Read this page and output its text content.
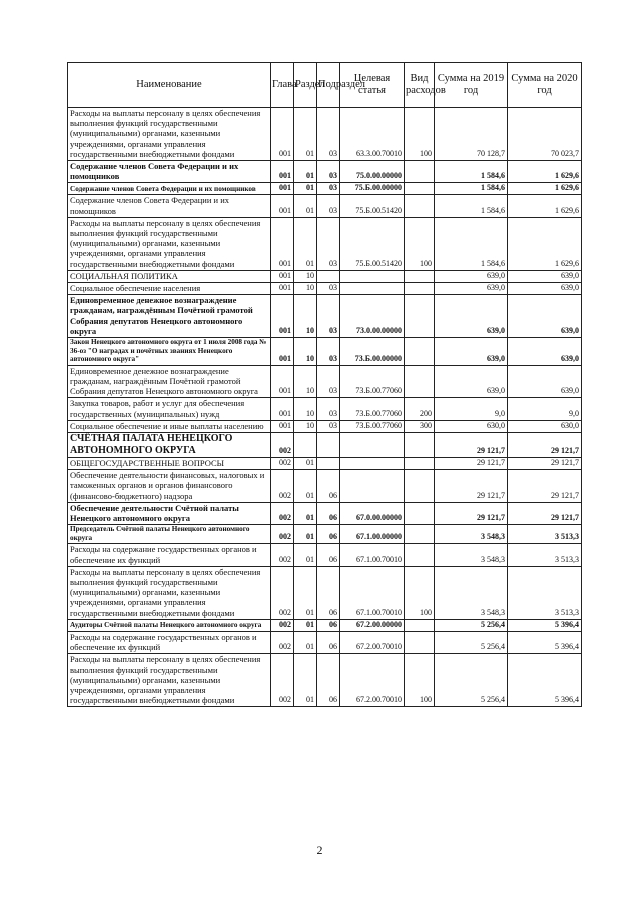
Наименование	Глава	Раздел	Подраздел	Целевая статья	Вид расходов	Сумма на 2019 год	Сумма на 2020 год
Расходы на выплаты персоналу в целях обеспечения выполнения функций государственными (муниципальными) органами, казенными учреждениями, органами управления государственными внебюджетными фондами	001	01	03	63.3.00.70010	100	70 128,7	70 023,7
Содержание членов Совета Федерации и их помощников	001	01	03	75.0.00.00000		1 584,6	1 629,6
Содержание членов Совета Федерации и их помощников	001	01	03	75.Б.00.00000		1 584,6	1 629,6
Содержание членов Совета Федерации и их помощников	001	01	03	75.Б.00.51420		1 584,6	1 629,6
Расходы на выплаты персоналу в целях обеспечения выполнения функций государственными (муниципальными) органами, казенными учреждениями, органами управления государственными внебюджетными фондами	001	01	03	75.Б.00.51420	100	1 584,6	1 629,6
СОЦИАЛЬНАЯ ПОЛИТИКА	001	10				639,0	639,0
Социальное обеспечение населения	001	10	03			639,0	639,0
Единовременное денежное вознаграждение гражданам, награждённым Почётной грамотой Собрания депутатов Ненецкого автономного округа	001	10	03	73.0.00.00000		639,0	639,0
Закон Ненецкого автономного округа от 1 июля 2008 года № 36-оз "О наградах и почётных званиях Ненецкого автономного округа"	001	10	03	73.Б.00.00000		639,0	639,0
Единовременное денежное вознаграждение гражданам, награждённым Почётной грамотой Собрания депутатов Ненецкого автономного округа	001	10	03	73.Б.00.77060		639,0	639,0
Закупка товаров, работ и услуг для обеспечения государственных (муниципальных) нужд	001	10	03	73.Б.00.77060	200	9,0	9,0
Социальное обеспечение и иные выплаты населению	001	10	03	73.Б.00.77060	300	630,0	630,0
СЧЁТНАЯ ПАЛАТА НЕНЕЦКОГО АВТОНОМНОГО ОКРУГА	002					29 121,7	29 121,7
ОБЩЕГОСУДАРСТВЕННЫЕ ВОПРОСЫ	002	01				29 121,7	29 121,7
Обеспечение деятельности финансовых, налоговых и таможенных органов и органов финансового (финансово-бюджетного) надзора	002	01	06			29 121,7	29 121,7
Обеспечение деятельности Счётной палаты Ненецкого автономного округа	002	01	06	67.0.00.00000		29 121,7	29 121,7
Председатель Счётной палаты Ненецкого автономного округа	002	01	06	67.1.00.00000		3 548,3	3 513,3
Расходы на содержание государственных органов и обеспечение их функций	002	01	06	67.1.00.70010		3 548,3	3 513,3
Расходы на выплаты персоналу в целях обеспечения выполнения функций государственными (муниципальными) органами, казенными учреждениями, органами управления государственными внебюджетными фондами	002	01	06	67.1.00.70010	100	3 548,3	3 513,3
Аудиторы Счётной палаты Ненецкого автономного округа	002	01	06	67.2.00.00000		5 256,4	5 396,4
Расходы на содержание государственных органов и обеспечение их функций	002	01	06	67.2.00.70010		5 256,4	5 396,4
Расходы на выплаты персоналу в целях обеспечения выполнения функций государственными (муниципальными) органами, казенными учреждениями, органами управления государственными внебюджетными фондами	002	01	06	67.2.00.70010	100	5 256,4	5 396,4
2
